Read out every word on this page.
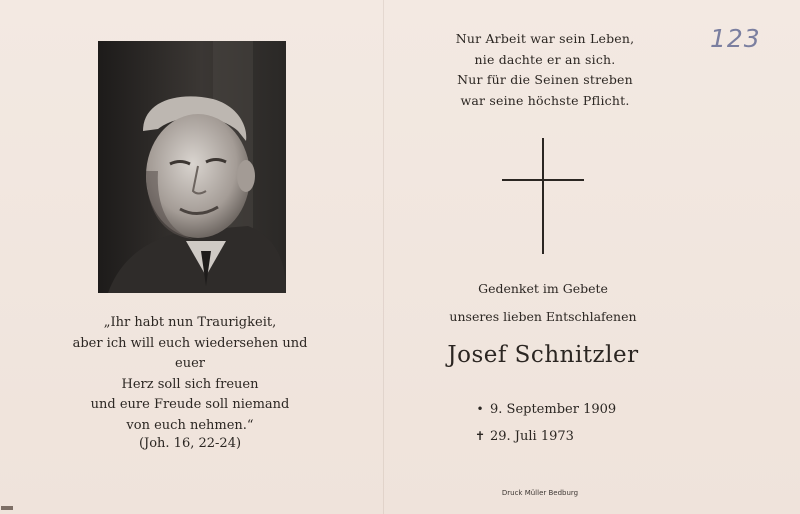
„Ihr habt nun Traurigkeit,
aber ich will euch wiedersehen und euer
Herz soll sich freuen
und eure Freude soll niemand
von euch nehmen.“
(Joh. 16, 22-24)
Nur Arbeit war sein Leben,
nie dachte er an sich.
Nur für die Seinen streben
war seine höchste Pflicht.
Gedenket im Gebete
unseres lieben Entschlafenen
Josef Schnitzler
• 9. September 1909
✝ 29. Juli 1973
Druck Müller Bedburg
123
